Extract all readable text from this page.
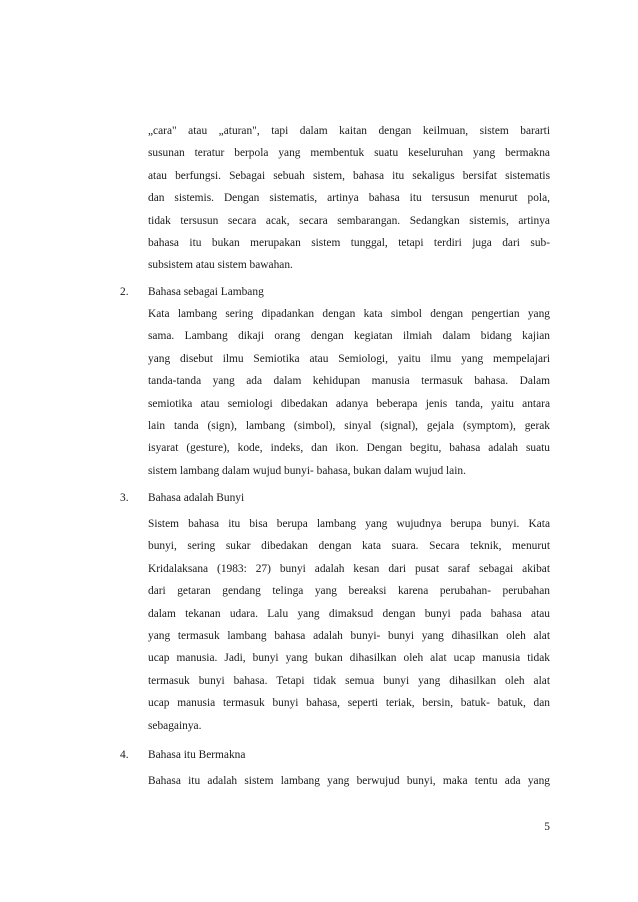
„cara" atau „aturan", tapi dalam kaitan dengan keilmuan, sistem bararti
susunan teratur berpola yang membentuk suatu keseluruhan yang bermakna
atau berfungsi. Sebagai sebuah sistem, bahasa itu sekaligus bersifat sistematis
dan sistemis. Dengan sistematis, artinya bahasa itu tersusun menurut pola,
tidak tersusun secara acak, secara sembarangan. Sedangkan sistemis, artinya
bahasa itu bukan merupakan sistem tunggal, tetapi terdiri juga dari sub-
subsistem atau sistem bawahan.
2. Bahasa sebagai Lambang
Kata lambang sering dipadankan dengan kata simbol dengan pengertian yang
sama. Lambang dikaji orang dengan kegiatan ilmiah dalam bidang kajian
yang disebut ilmu Semiotika atau Semiologi, yaitu ilmu yang mempelajari
tanda-tanda yang ada dalam kehidupan manusia termasuk bahasa. Dalam
semiotika atau semiologi dibedakan adanya beberapa jenis tanda, yaitu antara
lain tanda (sign), lambang (simbol), sinyal (signal), gejala (symptom), gerak
isyarat (gesture), kode, indeks, dan ikon. Dengan begitu, bahasa adalah suatu
sistem lambang dalam wujud bunyi- bahasa, bukan dalam wujud lain.
3. Bahasa adalah Bunyi
Sistem bahasa itu bisa berupa lambang yang wujudnya berupa bunyi. Kata
bunyi, sering sukar dibedakan dengan kata suara. Secara teknik, menurut
Kridalaksana (1983: 27) bunyi adalah kesan dari pusat saraf sebagai akibat
dari getaran gendang telinga yang bereaksi karena perubahan- perubahan
dalam tekanan udara. Lalu yang dimaksud dengan bunyi pada bahasa atau
yang termasuk lambang bahasa adalah bunyi- bunyi yang dihasilkan oleh alat
ucap manusia. Jadi, bunyi yang bukan dihasilkan oleh alat ucap manusia tidak
termasuk bunyi bahasa. Tetapi tidak semua bunyi yang dihasilkan oleh alat
ucap manusia termasuk bunyi bahasa, seperti teriak, bersin, batuk- batuk, dan
sebagainya.
4. Bahasa itu Bermakna
Bahasa itu adalah sistem lambang yang berwujud bunyi, maka tentu ada yang
5
